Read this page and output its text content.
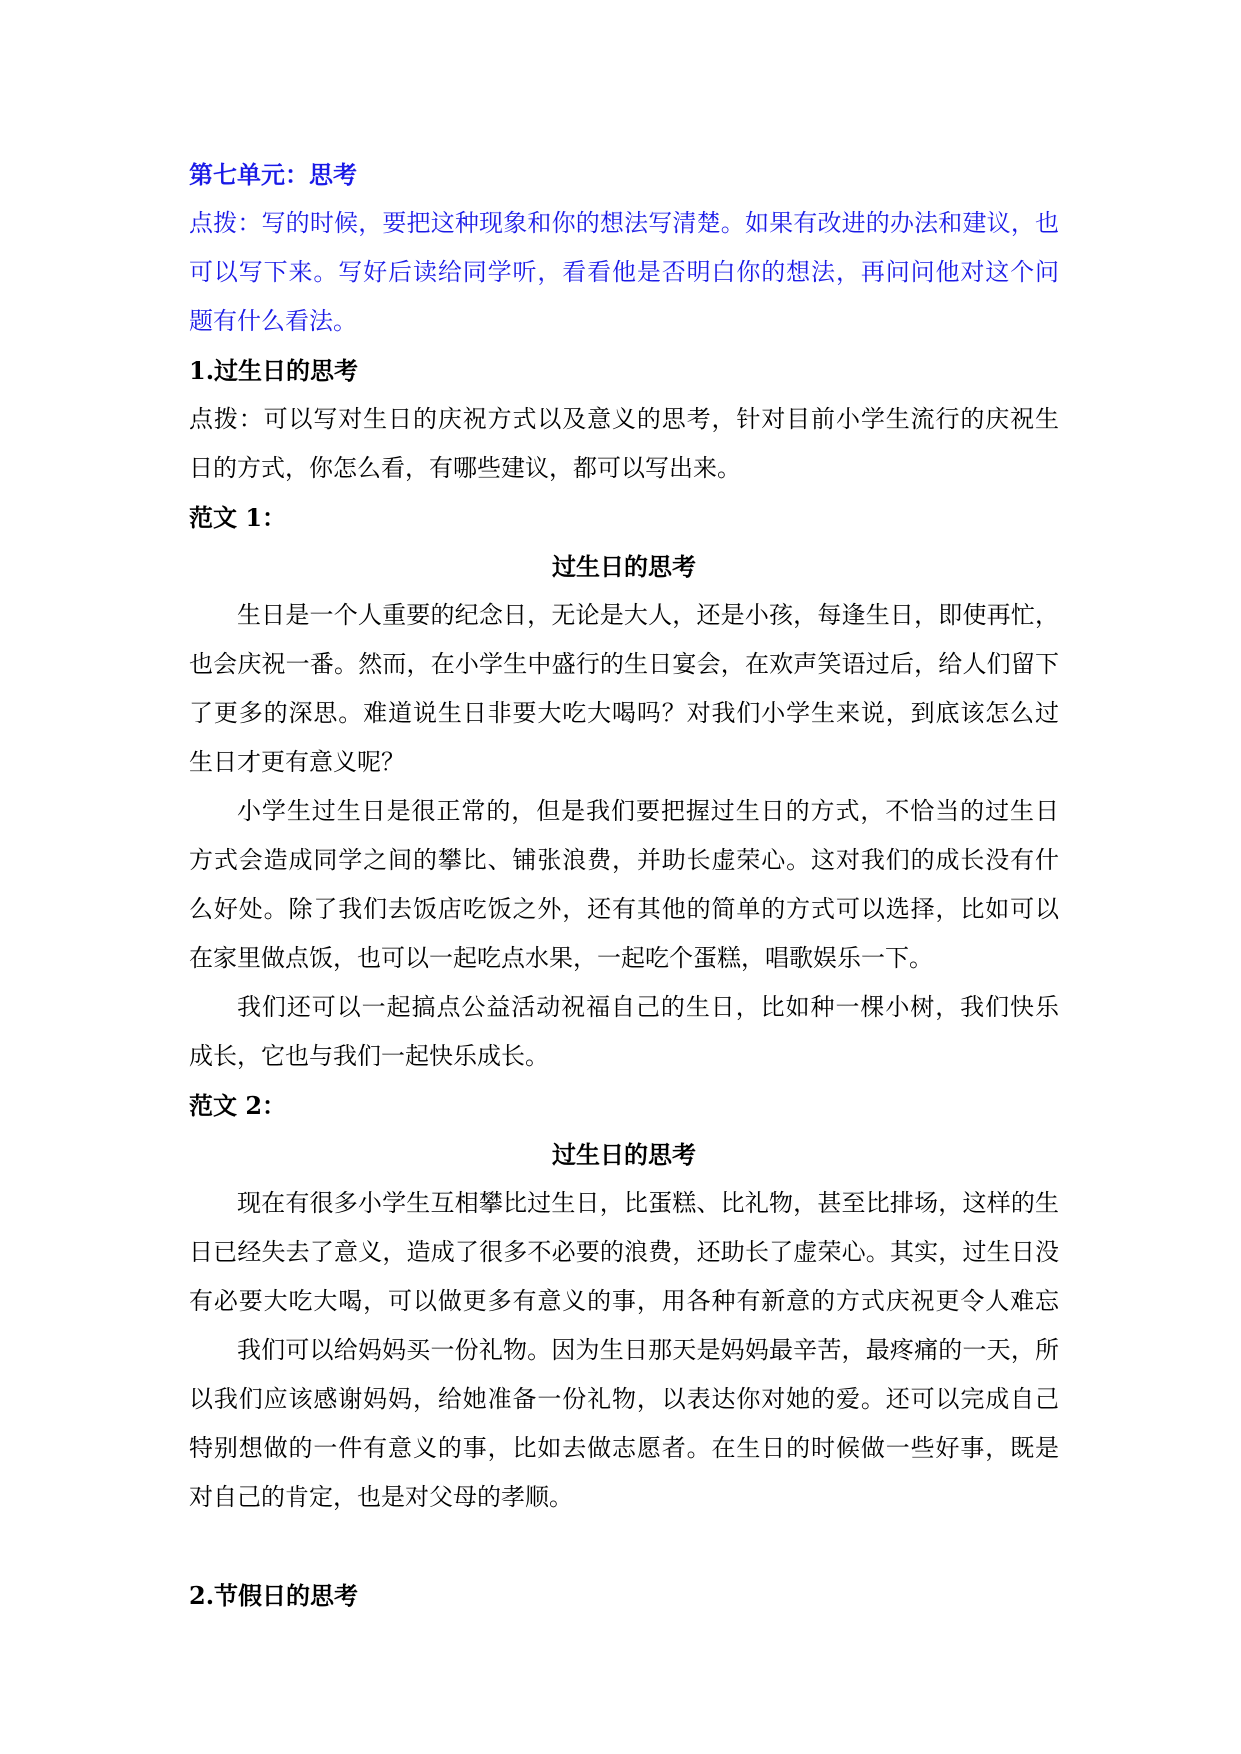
第七单元：思考
点拨：写的时候，要把这种现象和你的想法写清楚。如果有改进的办法和建议，也
可以写下来。写好后读给同学听，看看他是否明白你的想法，再问问他对这个问
题有什么看法。
1.过生日的思考
点拨：可以写对生日的庆祝方式以及意义的思考，针对目前小学生流行的庆祝生
日的方式，你怎么看，有哪些建议，都可以写出来。
范文 1：
过生日的思考
生日是一个人重要的纪念日，无论是大人，还是小孩，每逢生日，即使再忙，
也会庆祝一番。然而，在小学生中盛行的生日宴会，在欢声笑语过后，给人们留下
了更多的深思。难道说生日非要大吃大喝吗？对我们小学生来说，到底该怎么过
生日才更有意义呢？
小学生过生日是很正常的，但是我们要把握过生日的方式，不恰当的过生日
方式会造成同学之间的攀比、铺张浪费，并助长虚荣心。这对我们的成长没有什
么好处。除了我们去饭店吃饭之外，还有其他的简单的方式可以选择，比如可以
在家里做点饭，也可以一起吃点水果，一起吃个蛋糕，唱歌娱乐一下。
我们还可以一起搞点公益活动祝福自己的生日，比如种一棵小树，我们快乐
成长，它也与我们一起快乐成长。
范文 2：
过生日的思考
现在有很多小学生互相攀比过生日，比蛋糕、比礼物，甚至比排场，这样的生
日已经失去了意义，造成了很多不必要的浪费，还助长了虚荣心。其实，过生日没
有必要大吃大喝，可以做更多有意义的事，用各种有新意的方式庆祝更令人难忘
我们可以给妈妈买一份礼物。因为生日那天是妈妈最辛苦，最疼痛的一天，所
以我们应该感谢妈妈，给她准备一份礼物，以表达你对她的爱。还可以完成自己
特别想做的一件有意义的事，比如去做志愿者。在生日的时候做一些好事，既是
对自己的肯定，也是对父母的孝顺。
2.节假日的思考
